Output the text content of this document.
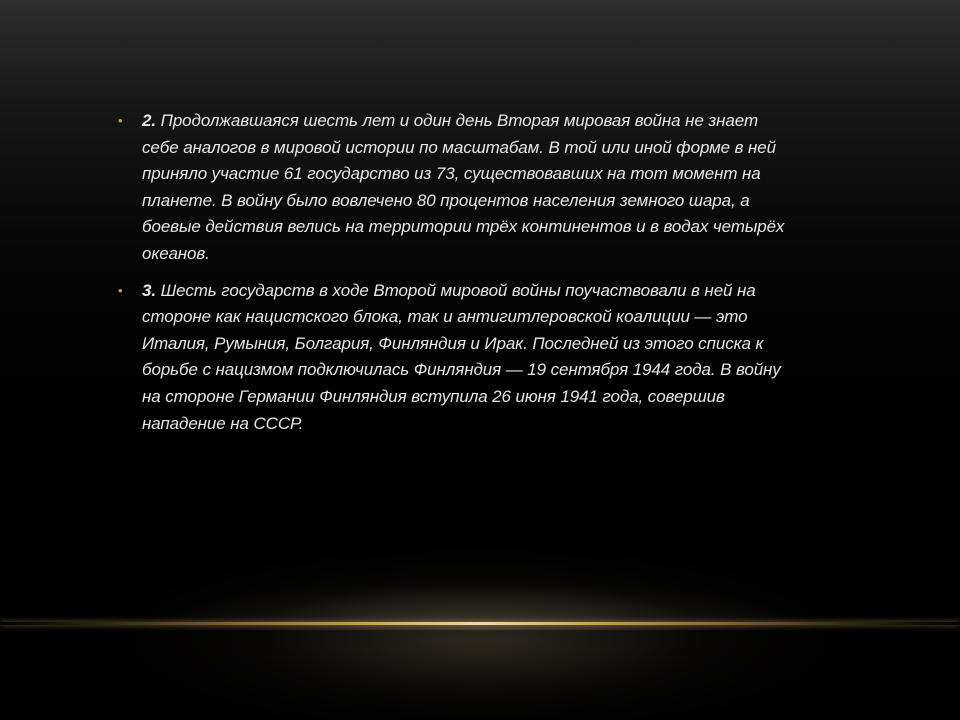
• 2. Продолжавшаяся шесть лет и один день Вторая мировая война не знает себе аналогов в мировой истории по масштабам. В той или иной форме в ней приняло участие 61 государство из 73, существовавших на тот момент на планете. В войну было вовлечено 80 процентов населения земного шара, а боевые действия велись на территории трёх континентов и в водах четырёх океанов.

• 3. Шесть государств в ходе Второй мировой войны поучаствовали в ней на стороне как нацистского блока, так и антигитлеровской коалиции — это Италия, Румыния, Болгария, Финляндия и Ирак. Последней из этого списка к борьбе с нацизмом подключилась Финляндия — 19 сентября 1944 года. В войну на стороне Германии Финляндия вступила 26 июня 1941 года, совершив нападение на СССР.
